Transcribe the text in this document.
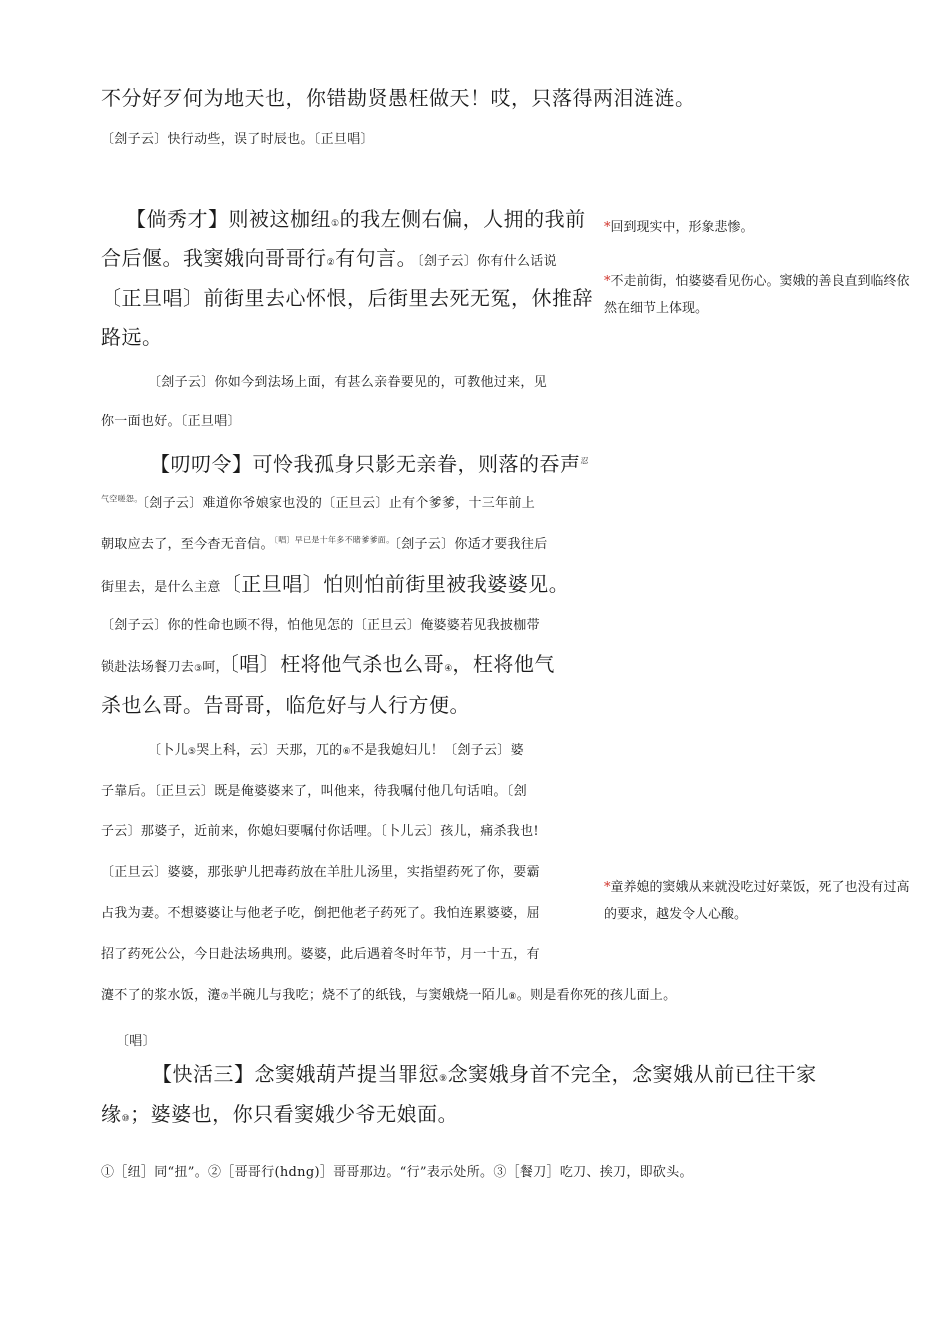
不分好歹何为地天也，你错勘贤愚枉做天！哎，只落得两泪涟涟。
〔刽子云〕快行动些，误了时辰也。〔正旦唱〕
【倘秀才】则被这枷纽①的我左侧右偏，人拥的我前
合后偃。我窦娥向哥哥行②有句言。〔刽子云〕你有什么话说
〔正旦唱〕前街里去心怀恨，后街里去死无冤，休推辞
路远。
〔刽子云〕你如今到法场上面，有甚么亲眷要见的，可教他过来，见
你一面也好。〔正旦唱〕
【叨叨令】可怜我孤身只影无亲眷，则落的吞声$^忍$
$^{气空嗟怨。}$〔刽子云〕难道你爷娘家也没的〔正旦云〕止有个爹爹，十三年前上
朝取应去了，至今杳无音信。$^{〔唱〕早已是十年多不睹爹爹面。}$〔刽子云〕你适才要我往后
街里去，是什么主意〔正旦唱〕怕则怕前街里被我婆婆见。
〔刽子云〕你的性命也顾不得，怕他见怎的〔正旦云〕俺婆婆若见我披枷带
锁赴法场餐刀去③呵，〔唱〕枉将他气杀也么哥④，枉将他气
杀也么哥。告哥哥，临危好与人行方便。
〔卜儿⑤哭上科，云〕天那，兀的⑥不是我媳妇儿！〔刽子云〕婆
子靠后。〔正旦云〕既是俺婆婆来了，叫他来，待我嘱付他几句话咱。〔刽
子云〕那婆子，近前来，你媳妇要嘱付你话哩。〔卜儿云〕孩儿，痛杀我也!
〔正旦云〕婆婆，那张驴儿把毒药放在羊肚儿汤里，实指望药死了你，要霸
占我为妻。不想婆婆让与他老子吃，倒把他老子药死了。我怕连累婆婆，屈
招了药死公公，今日赴法场典刑。婆婆，此后遇着冬时年节，月一十五，有
瀽不了的浆水饭，瀽⑦半碗儿与我吃；烧不了的纸钱，与窦娥烧一陌儿⑧。则是看你死的孩儿面上。
〔唱〕
【快活三】念窦娥葫芦提当罪愆⑨念窦娥身首不完全，念窦娥从前已往干家
缘⑩；婆婆也，你只看窦娥少爷无娘面。
①［纽］同“扭”。②［哥哥行(hdng)］哥哥那边。“行”表示处所。③［餐刀］吃刀、挨刀，即砍头。
*回到现实中，形象悲惨。
*不走前街，怕婆婆看见伤心。窦娥的善良直到临终依然在细节上体现。
*童养媳的窦娥从来就没吃过好菜饭，死了也没有过高的要求，越发令人心酸。
